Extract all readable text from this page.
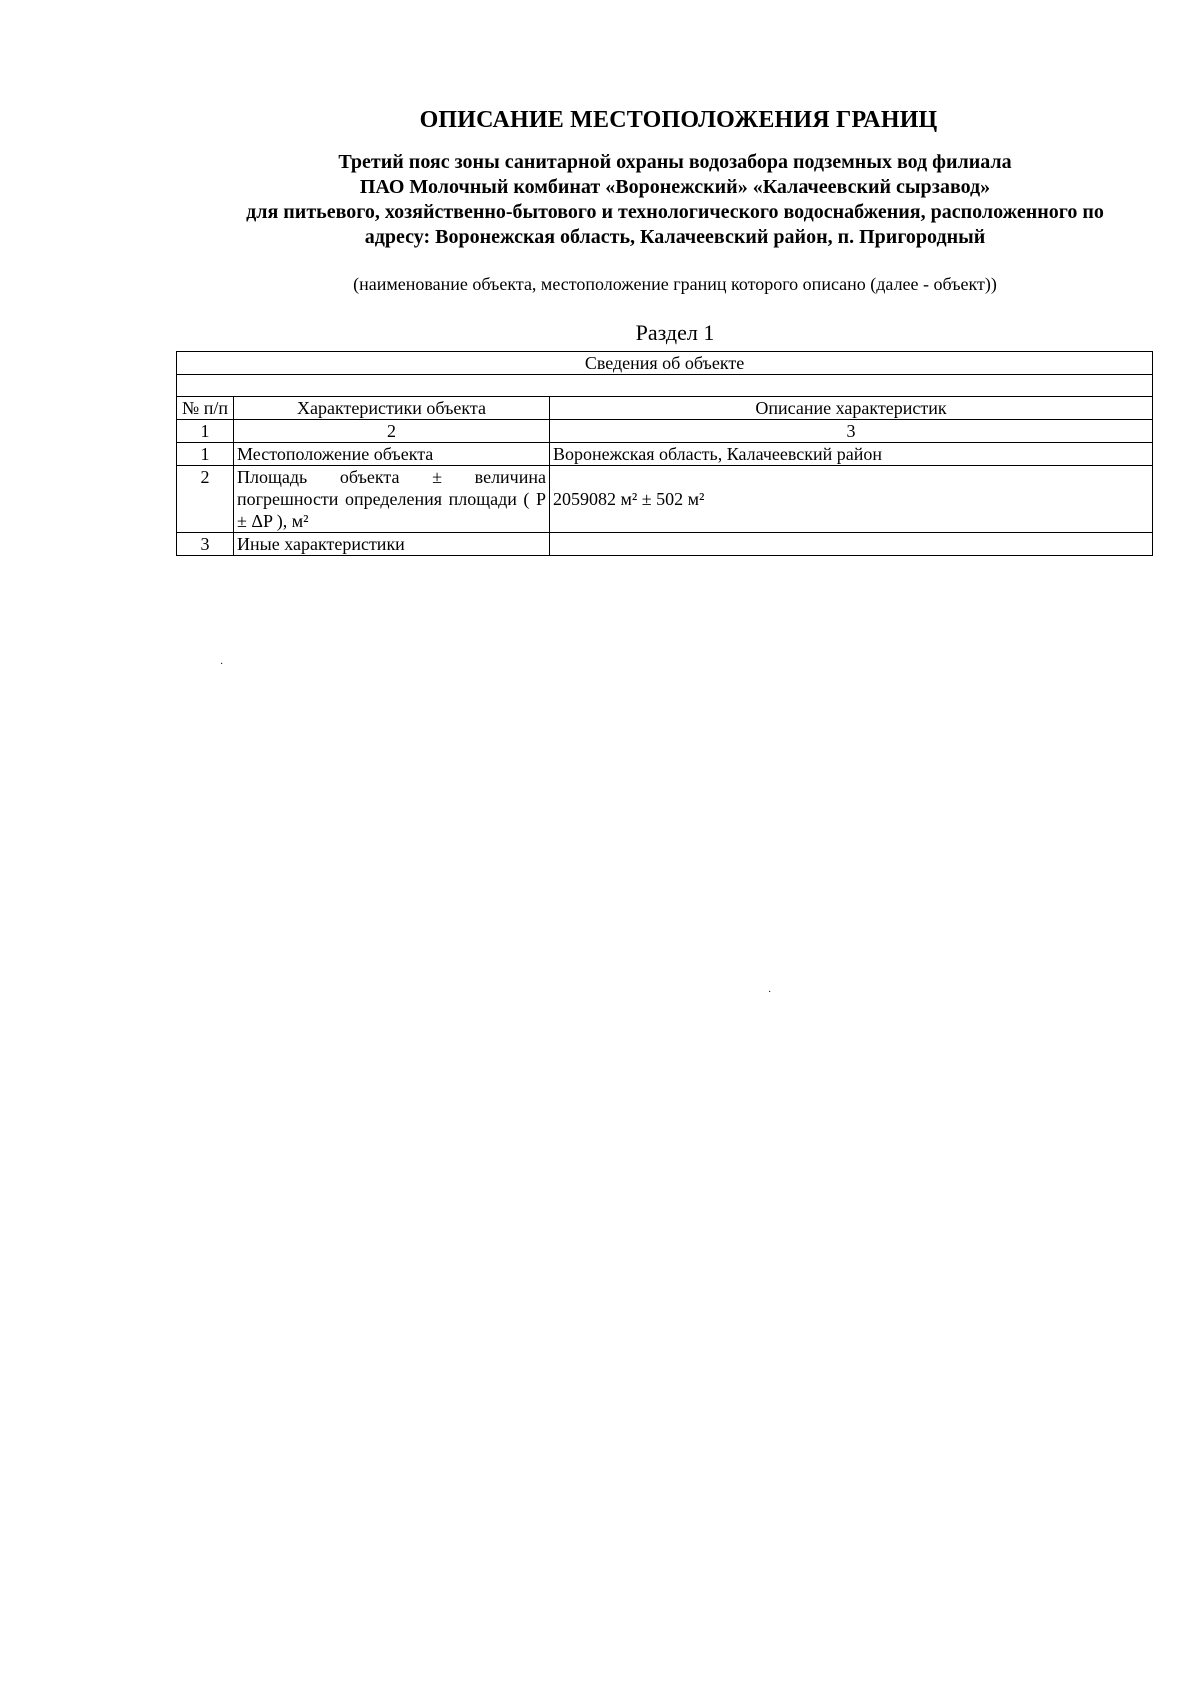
ОПИСАНИЕ МЕСТОПОЛОЖЕНИЯ ГРАНИЦ
Третий пояс зоны санитарной охраны водозабора подземных вод филиала
ПАО Молочный комбинат «Воронежский» «Калачеевский сырзавод»
для питьевого, хозяйственно-бытового и технологического водоснабжения, расположенного по
адресу: Воронежская область, Калачеевский район, п. Пригородный
(наименование объекта, местоположение границ которого описано (далее - объект))
Раздел 1
Сведения об объекте		

№ п/п	Характеристики объекта	Описание характеристик
1	2	3
1	Местоположение объекта	Воронежская область, Калачеевский район
2	Площадь объекта ± величина погрешности определения площади ( P ± ΔP ), м²	2059082 м² ± 502 м²
3	Иные характеристики	
·
·
